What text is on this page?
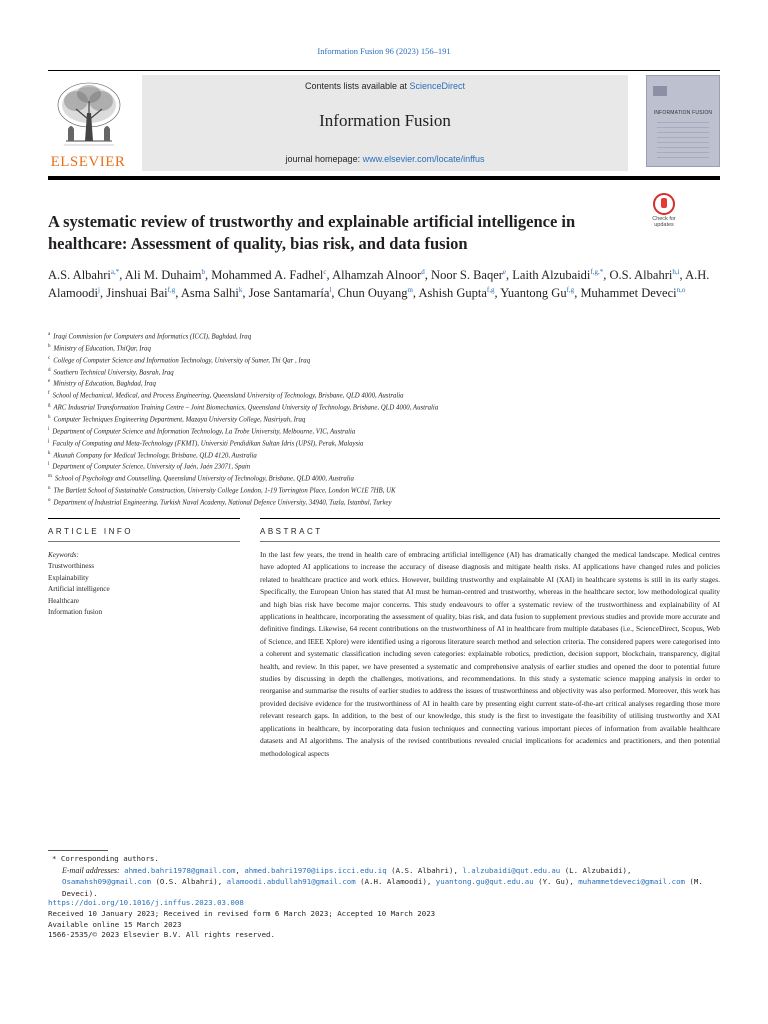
Information Fusion 96 (2023) 156–191
ELSEVIER
Contents lists available at ScienceDirect
Information Fusion
journal homepage: www.elsevier.com/locate/inffus
INFORMATION FUSION
Check for
updates
A systematic review of trustworthy and explainable artificial intelligence in healthcare: Assessment of quality, bias risk, and data fusion
A.S. Albahri$^{a,*}$, Ali M. Duhaim$^b$, Mohammed A. Fadhel$^c$, Alhamzah Alnoor$^d$, Noor S. Baqer$^e$, Laith Alzubaidi$^{f,g,*}$, O.S. Albahri$^{h,i}$, A.H. Alamoodi$^j$, Jinshuai Bai$^{f,g}$, Asma Salhi$^k$, Jose Santamaría$^l$, Chun Ouyang$^m$, Ashish Gupta$^{f,g}$, Yuantong Gu$^{f,g}$, Muhammet Deveci$^{n,o}$
$^a$ Iraqi Commission for Computers and Informatics (ICCI), Baghdad, Iraq
$^b$ Ministry of Education, ThiQar, Iraq
$^c$ College of Computer Science and Information Technology, University of Sumer, Thi Qar , Iraq
$^d$ Southern Technical University, Basrah, Iraq
$^e$ Ministry of Education, Baghdad, Iraq
$^f$ School of Mechanical, Medical, and Process Engineering, Queensland University of Technology, Brisbane, QLD 4000, Australia
$^g$ ARC Industrial Transformation Training Centre – Joint Biomechanics, Queensland University of Technology, Brisbane, QLD 4000, Australia
$^h$ Computer Techniques Engineering Department, Mazaya University College, Nasiriyah, Iraq
$^i$ Department of Computer Science and Information Technology, La Trobe University, Melbourne, VIC, Australia
$^j$ Faculty of Computing and Meta-Technology (FKMT), Universiti Pendidikan Sultan Idris (UPSI), Perak, Malaysia
$^k$ Akunah Company for Medical Technology, Brisbane, QLD 4120, Australia
$^l$ Department of Computer Science, University of Jaén, Jaén 23071, Spain
$^m$ School of Psychology and Counselling, Queensland University of Technology, Brisbane, QLD 4000, Australia
$^n$ The Bartlett School of Sustainable Construction, University College London, 1-19 Torrington Place, London WC1E 7HB, UK
$^o$ Department of Industrial Engineering, Turkish Naval Academy, National Defence University, 34940, Tuzla, Istanbul, Turkey
ARTICLE INFO	ABSTRACT
Keywords:
Trustworthiness
Explainability
Artificial intelligence
Healthcare
Information fusion
In the last few years, the trend in health care of embracing artificial intelligence (AI) has dramatically changed the medical landscape. Medical centres have adopted AI applications to increase the accuracy of disease diagnosis and mitigate health risks. AI applications have changed rules and policies related to healthcare practice and work ethics. However, building trustworthy and explainable AI (XAI) in healthcare systems is still in its early stages. Specifically, the European Union has stated that AI must be human-centred and trustworthy, whereas in the healthcare sector, low methodological quality and high bias risk have become major concerns. This study endeavours to offer a systematic review of the trustworthiness and explainability of AI applications in healthcare, incorporating the assessment of quality, bias risk, and data fusion to supplement previous studies and provide more accurate and definitive findings. Likewise, 64 recent contributions on the trustworthiness of AI in healthcare from multiple databases (i.e., ScienceDirect, Scopus, Web of Science, and IEEE Xplore) were identified using a rigorous literature search method and selection criteria. The considered papers were categorised into a coherent and systematic classification including seven categories: explainable robotics, prediction, decision support, blockchain, transparency, digital health, and review. In this paper, we have presented a systematic and comprehensive analysis of earlier studies and opened the door to potential future studies by discussing in depth the challenges, motivations, and recommendations. In this study a systematic science mapping analysis in order to reorganise and summarise the results of earlier studies to address the issues of trustworthiness and objectivity was also performed. Moreover, this work has provided decisive evidence for the trustworthiness of AI in health care by presenting eight current state-of-the-art critical analyses regarding those more relevant research gaps. In addition, to the best of our knowledge, this study is the first to investigate the feasibility of utilising trustworthy and XAI applications in healthcare, by incorporating data fusion techniques and connecting various important pieces of information from available healthcare datasets and AI algorithms. The analysis of the revised contributions revealed crucial implications for academics and practitioners, and then potential methodological aspects
* Corresponding authors.
E-mail addresses: ahmed.bahri1978@gmail.com, ahmed.bahri1970@iips.icci.edu.iq (A.S. Albahri), l.alzubaidi@qut.edu.au (L. Alzubaidi), Osamahsh09@gmail.com (O.S. Albahri), alamoodi.abdullah91@gmail.com (A.H. Alamoodi), yuantong.gu@qut.edu.au (Y. Gu), muhammetdeveci@gmail.com (M. Deveci).
https://doi.org/10.1016/j.inffus.2023.03.008
Received 10 January 2023; Received in revised form 6 March 2023; Accepted 10 March 2023
Available online 15 March 2023
1566-2535/© 2023 Elsevier B.V. All rights reserved.
